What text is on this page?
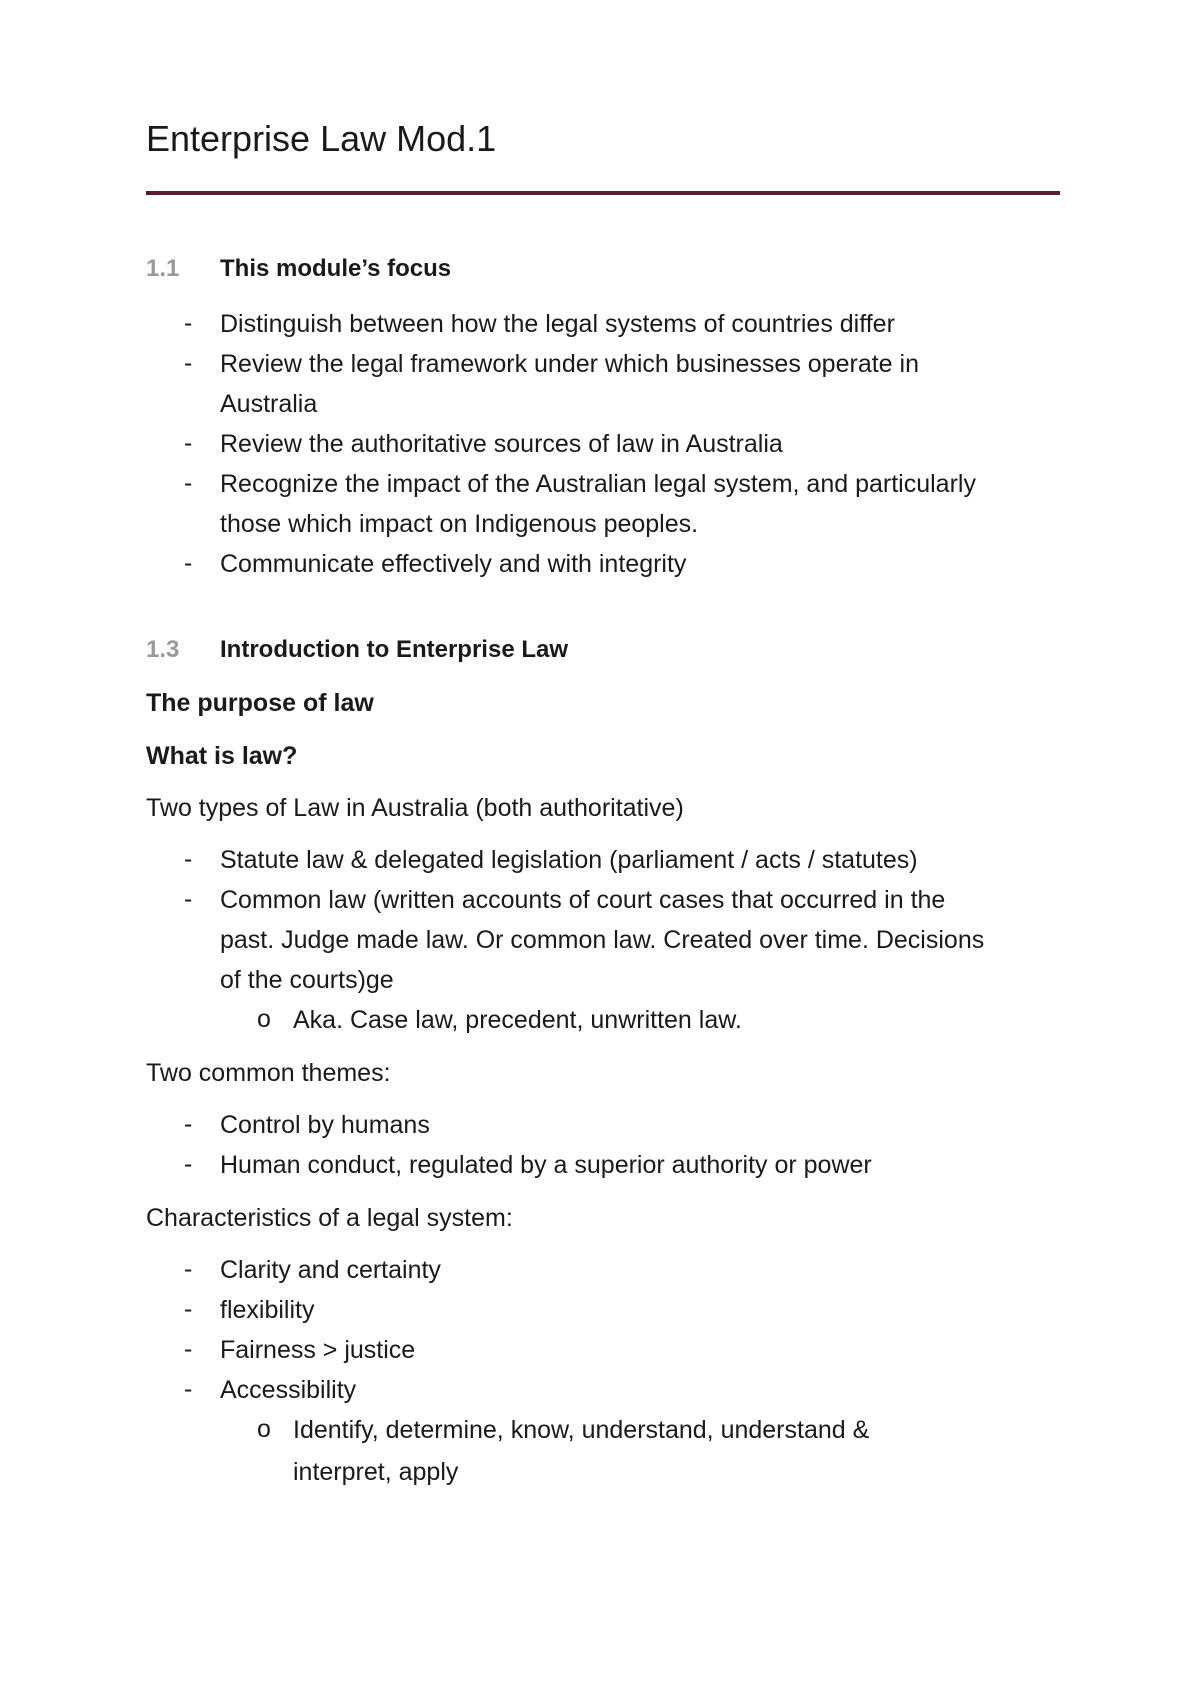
Enterprise Law Mod.1
1.1 This module’s focus
- Distinguish between how the legal systems of countries differ
- Review the legal framework under which businesses operate in
Australia
- Review the authoritative sources of law in Australia
- Recognize the impact of the Australian legal system, and particularly
those which impact on Indigenous peoples.
- Communicate effectively and with integrity
1.3 Introduction to Enterprise Law
The purpose of law
What is law?
Two types of Law in Australia (both authoritative)
- Statute law & delegated legislation (parliament / acts / statutes)
- Common law (written accounts of court cases that occurred in the
past. Judge made law. Or common law. Created over time. Decisions
of the courts)ge
o Aka. Case law, precedent, unwritten law.
Two common themes:
- Control by humans
- Human conduct, regulated by a superior authority or power
Characteristics of a legal system:
- Clarity and certainty
- flexibility
- Fairness > justice
- Accessibility
o Identify, determine, know, understand, understand &
interpret, apply
